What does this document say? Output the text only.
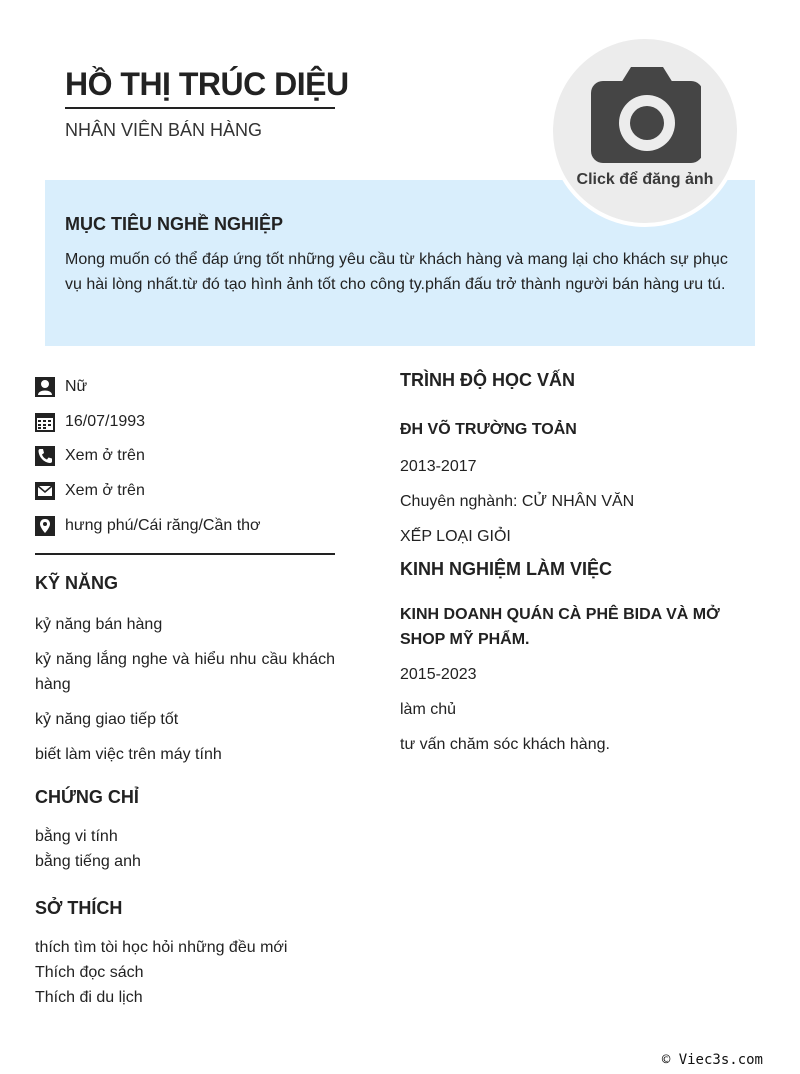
HỒ THỊ TRÚC DIỆU
NHÂN VIÊN BÁN HÀNG
MỤC TIÊU NGHỀ NGHIỆP

Mong muốn có thể đáp ứng tốt những yêu cầu từ khách hàng và mang lại cho khách sự phục vụ hài lòng nhất.từ đó tạo hình ảnh tốt cho công ty.phấn đấu trở thành người bán hàng ưu tú.

Click để đăng ảnh
Nữ
16/07/1993
Xem ở trên
Xem ở trên
hưng phú/Cái răng/Cần thơ
KỸ NĂNG
kỷ năng bán hàng
kỷ năng lắng nghe và hiểu nhu cầu khách hàng
kỷ năng giao tiếp tốt
biết làm việc trên máy tính
CHỨNG CHỈ
bằng vi tính
bằng tiếng anh
SỞ THÍCH
thích tìm tòi học hỏi những đều mới
Thích đọc sách
Thích đi du lịch
TRÌNH ĐỘ HỌC VẤN
ĐH VÕ TRƯỜNG TOẢN
2013-2017
Chuyên nghành: CỬ NHÂN VĂN
XẾP LOẠI GIỎI
KINH NGHIỆM LÀM VIỆC
KINH DOANH QUÁN CÀ PHÊ BIDA VÀ MỞ SHOP MỸ PHẨM.
2015-2023
làm chủ
tư vấn chăm sóc khách hàng.
© Viec3s.com
